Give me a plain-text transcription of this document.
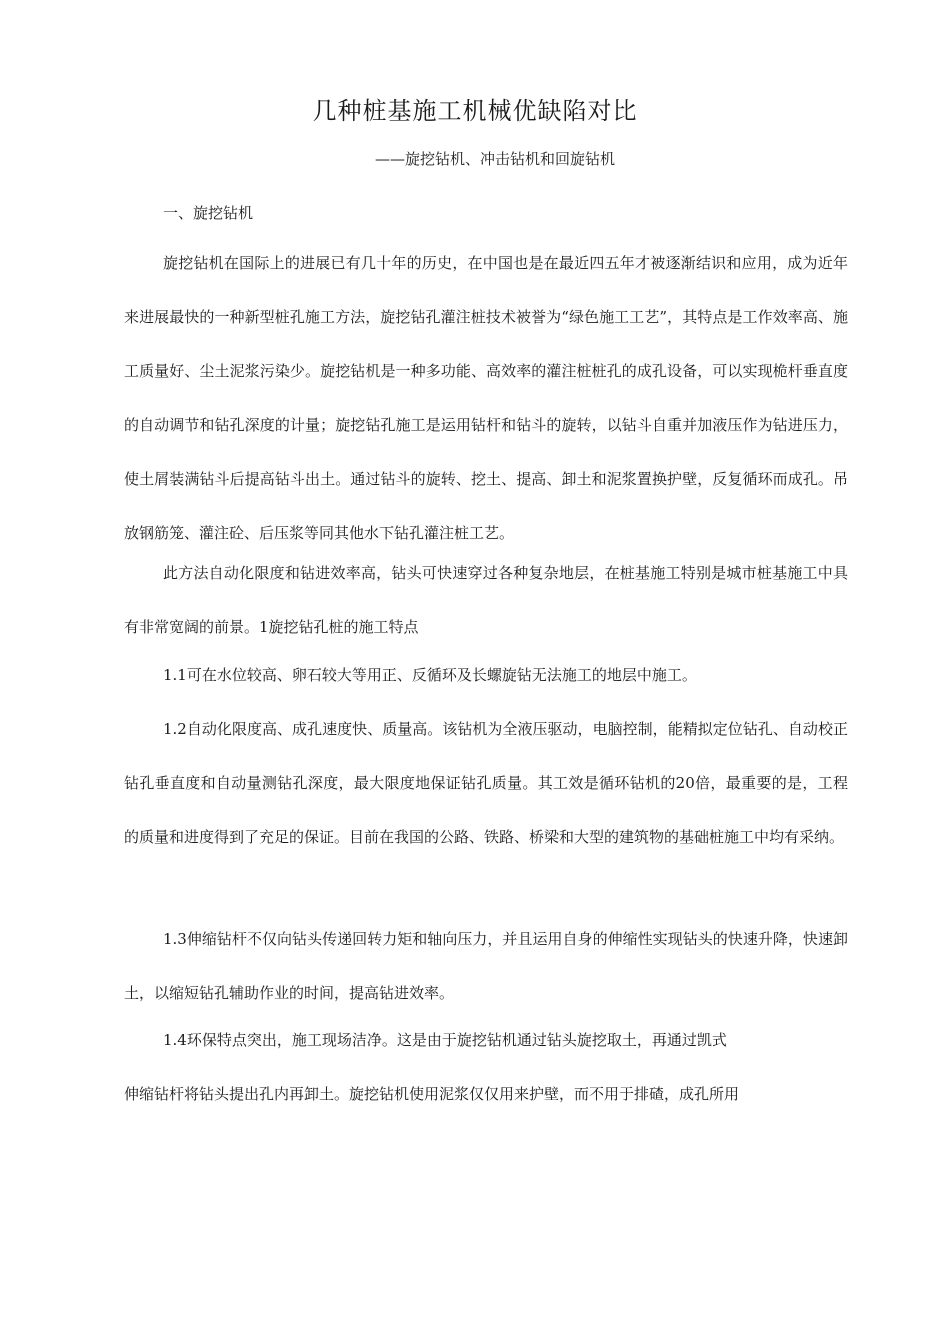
几种桩基施工机械优缺陷对比
——旋挖钻机、冲击钻机和回旋钻机
一、旋挖钻机

旋挖钻机在国际上的进展已有几十年的历史，在中国也是在最近四五年才被逐渐结识和应用，成为近年来进展最快的一种新型桩孔施工方法，旋挖钻孔灌注桩技术被誉为“绿色施工工艺”，其特点是工作效率高、施工质量好、尘土泥浆污染少。旋挖钻机是一种多功能、高效率的灌注桩桩孔的成孔设备，可以实现桅杆垂直度的自动调节和钻孔深度的计量；旋挖钻孔施工是运用钻杆和钻斗的旋转，以钻斗自重并加液压作为钻进压力，使土屑装满钻斗后提高钻斗出土。通过钻斗的旋转、挖土、提高、卸土和泥浆置换护壁，反复循环而成孔。吊放钢筋笼、灌注砼、后压浆等同其他水下钻孔灌注桩工艺。

此方法自动化限度和钻进效率高，钻头可快速穿过各种复杂地层，在桩基施工特别是城市桩基施工中具有非常宽阔的前景。1旋挖钻孔桩的施工特点

1.1可在水位较高、卵石较大等用正、反循环及长螺旋钻无法施工的地层中施工。

1.2自动化限度高、成孔速度快、质量高。该钻机为全液压驱动，电脑控制，能精拟定位钻孔、自动校正钻孔垂直度和自动量测钻孔深度，最大限度地保证钻孔质量。其工效是循环钻机的20倍，最重要的是，工程的质量和进度得到了充足的保证。目前在我国的公路、铁路、桥梁和大型的建筑物的基础桩施工中均有采纳。

1.3伸缩钻杆不仅向钻头传递回转力矩和轴向压力，并且运用自身的伸缩性实现钻头的快速升降，快速卸土，以缩短钻孔辅助作业的时间，提高钻进效率。

1.4环保特点突出，施工现场洁净。这是由于旋挖钻机通过钻头旋挖取土，再通过凯式

伸缩钻杆将钻头提出孔内再卸土。旋挖钻机使用泥浆仅仅用来护壁，而不用于排碴，成孔所用
